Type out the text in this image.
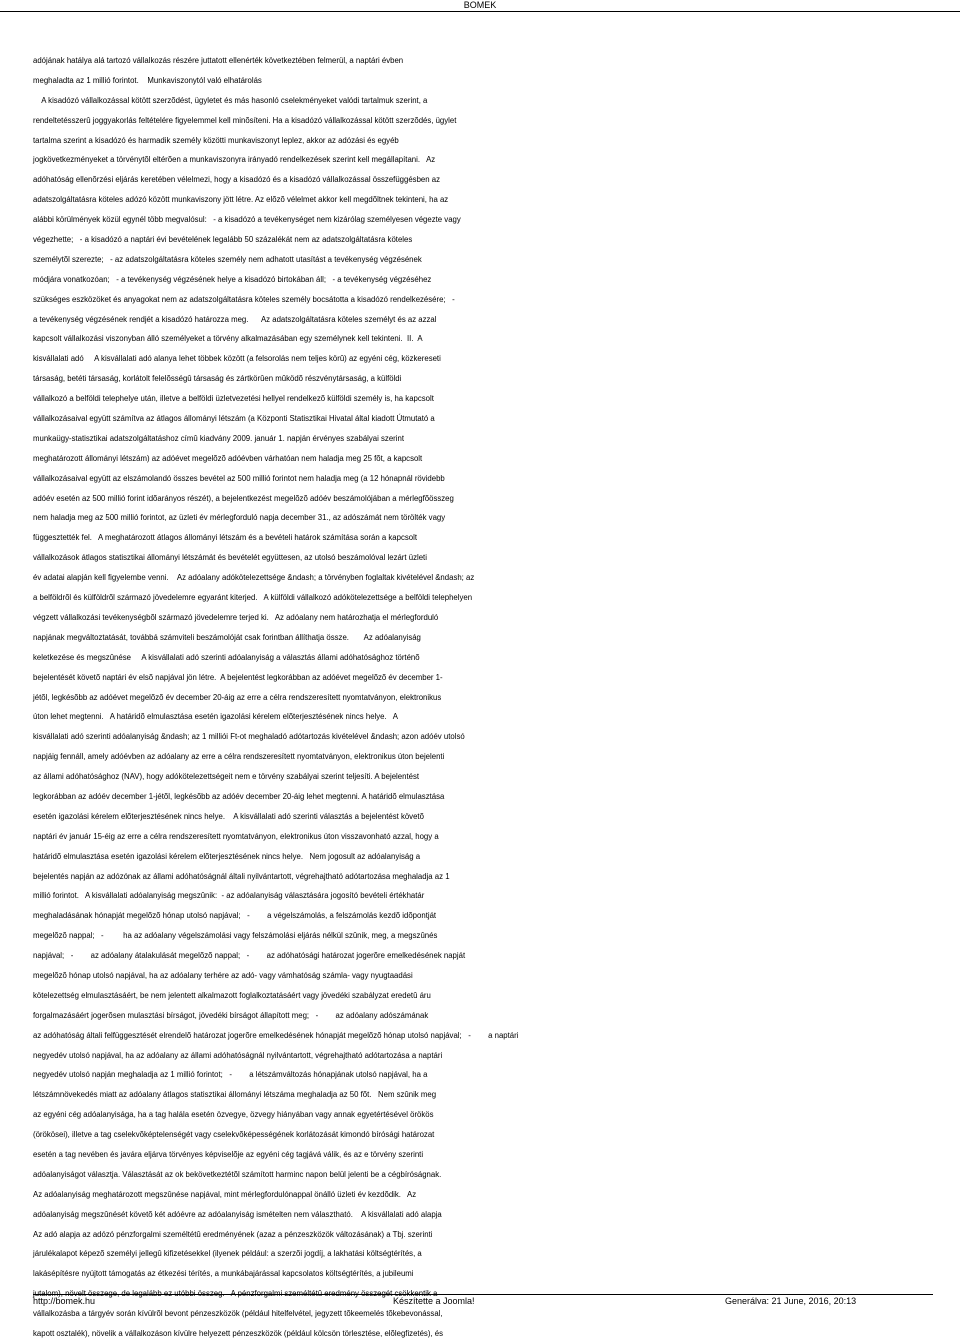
BOMEK
adójának hatálya alá tartozó vállalkozás részére juttatott ellenérték következtében felmerül, a naptári évben
meghaladta az 1 millió forintot.    Munkaviszonytól való elhatárolás
A kisadózó vállalkozással kötött szerzõdést, ügyletet és más hasonló cselekményeket valódi tartalmuk szerint, a
rendeltetésszerû joggyakorlás feltételére figyelemmel kell minõsíteni. Ha a kisadózó vállalkozással kötött szerzõdés, ügylet
tartalma szerint a kisadózó és harmadik személy közötti munkaviszonyt leplez, akkor az adózási és egyéb
jogkövetkezményeket a törvénytõl eltérõen a munkaviszonyra irányadó rendelkezések szerint kell megállapítani.   Az
adóhatóság ellenõrzési eljárás keretében vélelmezi, hogy a kisadózó és a kisadózó vállalkozással összefüggésben az
adatszolgáltatásra köteles adózó között munkaviszony jött létre. Az elõzõ vélelmet akkor kell megdõltnek tekinteni, ha az
alábbi körülmények közül egynél több megvalósul:   - a kisadózó a tevékenységet nem kizárólag személyesen végezte vagy
végezhette;   - a kisadózó a naptári évi bevételének legalább 50 százalékát nem az adatszolgáltatásra köteles
személytõl szerezte;   - az adatszolgáltatásra köteles személy nem adhatott utasítást a tevékenység végzésének
módjára vonatkozóan;   - a tevékenység végzésének helye a kisadózó birtokában áll;   - a tevékenység végzéséhez
szükséges eszközöket és anyagokat nem az adatszolgáltatásra köteles személy bocsátotta a kisadózó rendelkezésére;   -
a tevékenység végzésének rendjét a kisadózó határozza meg.      Az adatszolgáltatásra köteles személyt és az azzal
kapcsolt vállalkozási viszonyban álló személyeket a törvény alkalmazásában egy személynek kell tekinteni.  II.  A
kisvállalati adó     A kisvállalati adó alanya lehet többek között (a felsorolás nem teljes körû) az egyéni cég, közkereseti
társaság, betéti társaság, korlátolt felelõsségû társaság és zártkörûen mûködõ részvénytársaság, a külföldi
vállalkozó a belföldi telephelye után, illetve a belföldi üzletvezetési hellyel rendelkezõ külföldi személy is, ha kapcsolt
vállalkozásaival együtt számítva az átlagos állományi létszám (a Központi Statisztikai Hivatal által kiadott Útmutató a
munkaügy-statisztikai adatszolgáltatáshoz címû kiadvány 2009. január 1. napján érvényes szabályai szerint
meghatározott állományi létszám) az adóévet megelõzõ adóévben várhatóan nem haladja meg 25 fõt, a kapcsolt
vállalkozásaival együtt az elszámolandó összes bevétel az 500 millió forintot nem haladja meg (a 12 hónapnál rövidebb
adóév esetén az 500 millió forint idõarányos részét), a bejelentkezést megelõzõ adóév beszámolójában a mérlegfõösszeg
nem haladja meg az 500 millió forintot, az üzleti év mérlegforduló napja december 31., az adószámát nem törölték vagy
függesztették fel.   A meghatározott átlagos állományi létszám és a bevételi határok számítása során a kapcsolt
vállalkozások átlagos statisztikai állományi létszámát és bevételét együttesen, az utolsó beszámolóval lezárt üzleti
év adatai alapján kell figyelembe venni.    Az adóalany adókötelezettsége &ndash; a törvényben foglaltak kivételével &ndash; az
a belföldrõl és külföldrõl származó jövedelemre egyaránt kiterjed.   A külföldi vállalkozó adókötelezettsége a belföldi telephelyen
végzett vállalkozási tevékenységbõl származó jövedelemre terjed ki.   Az adóalany nem határozhatja el mérlegforduló
napjának megváltoztatását, továbbá számviteli beszámolóját csak forintban állíthatja össze.       Az adóalanyiság
keletkezése és megszûnése     A kisvállalati adó szerinti adóalanyiság a választás állami adóhatósághoz történõ
bejelentését követõ naptári év elsõ napjával jön létre.  A bejelentést legkorábban az adóévet megelõzõ év december 1-
jétõl, legkésõbb az adóévet megelõzõ év december 20-áig az erre a célra rendszeresített nyomtatványon, elektronikus
úton lehet megtenni.   A határidõ elmulasztása esetén igazolási kérelem elõterjesztésének nincs helye.   A
kisvállalati adó szerinti adóalanyiság &ndash; az 1 milliói Ft-ot meghaladó adótartozás kivételével &ndash; azon adóév utolsó
napjáig fennáll, amely adóévben az adóalany az erre a célra rendszeresített nyomtatványon, elektronikus úton bejelenti
az állami adóhatósághoz (NAV), hogy adókötelezettségeit nem e törvény szabályai szerint teljesíti. A bejelentést
legkorábban az adóév december 1-jétõl, legkésõbb az adóév december 20-áig lehet megtenni. A határidõ elmulasztása
esetén igazolási kérelem elõterjesztésének nincs helye.    A kisvállalati adó szerinti választás a bejelentést követõ
naptári év január 15-éig az erre a célra rendszeresített nyomtatványon, elektronikus úton visszavonható azzal, hogy a
határidõ elmulasztása esetén igazolási kérelem elõterjesztésének nincs helye.   Nem jogosult az adóalanyiság a
bejelentés napján az adózónak az állami adóhatóságnál általi nyilvántartott, végrehajtható adótartozása meghaladja az 1
millió forintot.   A kisvállalati adóalanyiság megszûnik:  - az adóalanyiság választására jogosító bevételi értékhatár
meghaladásának hónapját megelõzõ hónap utolsó napjával;   -        a végelszámolás, a felszámolás kezdõ idõpontját
megelõzõ nappal;   -         ha az adóalany végelszámolási vagy felszámolási eljárás nélkül szûnik, meg, a megszûnés
napjával;   -        az adóalany átalakulását megelõzõ nappal;   -        az adóhatósági határozat jogerõre emelkedésének napját
megelõzõ hónap utolsó napjával, ha az adóalany terhére az adó- vagy vámhatóság számla- vagy nyugtaadási
kötelezettség elmulasztásáért, be nem jelentett alkalmazott foglalkoztatásáért vagy jövedéki szabályzat eredetû áru
forgalmazásáért jogerõsen mulasztási bírságot, jövedéki bírságot állapított meg;   -        az adóalany adószámának
az adóhatóság általi felfüggesztését elrendelõ határozat jogerõre emelkedésének hónapját megelõzõ hónap utolsó napjával;   -        a naptári
negyedév utolsó napjával, ha az adóalany az állami adóhatóságnál nyilvántartott, végrehajtható adótartozása a naptári
negyedév utolsó napján meghaladja az 1 millió forintot;   -        a létszámváltozás hónapjának utolsó napjával, ha a
létszámnövekedés miatt az adóalany átlagos statisztikai állományi létszáma meghaladja az 50 fõt.   Nem szûnik meg
az egyéni cég adóalanyisága, ha a tag halála esetén özvegye, özvegy hiányában vagy annak egyetértésével örökös
(örökösei), illetve a tag cselekvõképtelenségét vagy cselekvõképességének korlátozását kimondó bírósági határozat
esetén a tag nevében és javára eljárva törvényes képviselõje az egyéni cég tagjává válik, és az e törvény szerinti
adóalanyiságot választja. Választását az ok bekövetkeztétõl számított harminc napon belül jelenti be a cégbíróságnak.
Az adóalanyiság meghatározott megszûnése napjával, mint mérlegfordulónappal önálló üzleti év kezdõdik.   Az
adóalanyiság megszûnését követõ két adóévre az adóalanyiság ismételten nem választható.    A kisvállalati adó alapja
Az adó alapja az adózó pénzforgalmi személtétû eredményének (azaz a pénzeszközök változásának) a Tbj. szerinti
járulékalapot képezõ személyi jellegû kifizetésekkel (ilyenek például: a szerzõi jogdíj, a lakhatási költségtérítés, a
lakásépítésre nyújtott támogatás az étkezési térítés, a munkábajárással kapcsolatos költségtérítés, a jubileumi
jutalom), növelt összege, de legalább ez utóbbi összeg.   A pénzforgalmi személtétû eredmény összegét csökkentik a
vállalkozásba a tárgyév során kívülrõl bevont pénzeszközök (például hitelfelvétel, jegyzett tõkeemelés tõkebevonással,
kapott osztalék), növelik a vállalkozáson kívülre helyezett pénzeszközök (például kölcsön törlesztése, elõlegfizetés), és
http://bomek.hu	Készítette a Joomla!	Generálva: 21 June, 2016, 20:13
